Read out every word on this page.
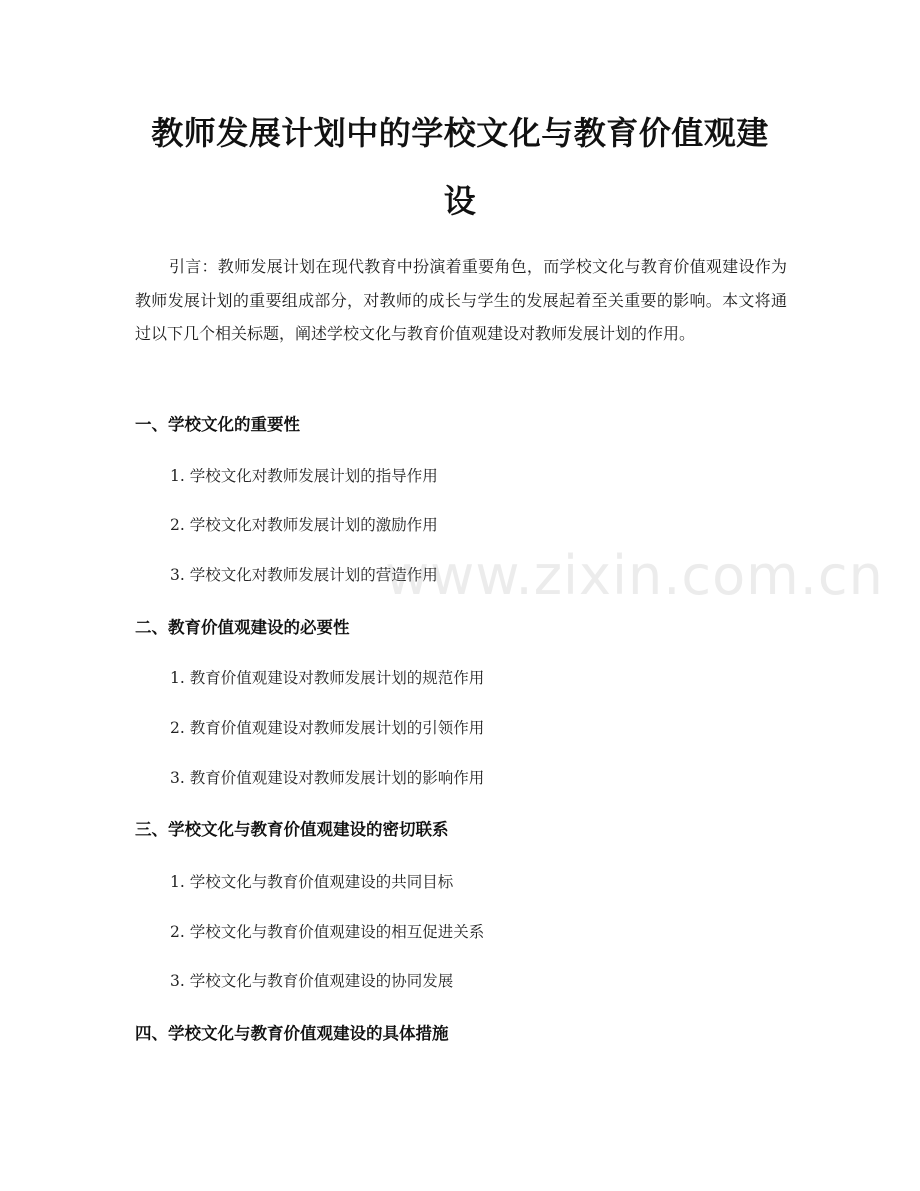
教师发展计划中的学校文化与教育价值观建
设

引言：教师发展计划在现代教育中扮演着重要角色，而学校文化与教育价值观建设作为教师发展计划的重要组成部分，对教师的成长与学生的发展起着至关重要的影响。本文将通过以下几个相关标题，阐述学校文化与教育价值观建设对教师发展计划的作用。

一、学校文化的重要性

1. 学校文化对教师发展计划的指导作用

2. 学校文化对教师发展计划的激励作用

3. 学校文化对教师发展计划的营造作用

二、教育价值观建设的必要性

1. 教育价值观建设对教师发展计划的规范作用

2. 教育价值观建设对教师发展计划的引领作用

3. 教育价值观建设对教师发展计划的影响作用

三、学校文化与教育价值观建设的密切联系

1. 学校文化与教育价值观建设的共同目标

2. 学校文化与教育价值观建设的相互促进关系

3. 学校文化与教育价值观建设的协同发展

四、学校文化与教育价值观建设的具体措施
www.zixin.com.cn
